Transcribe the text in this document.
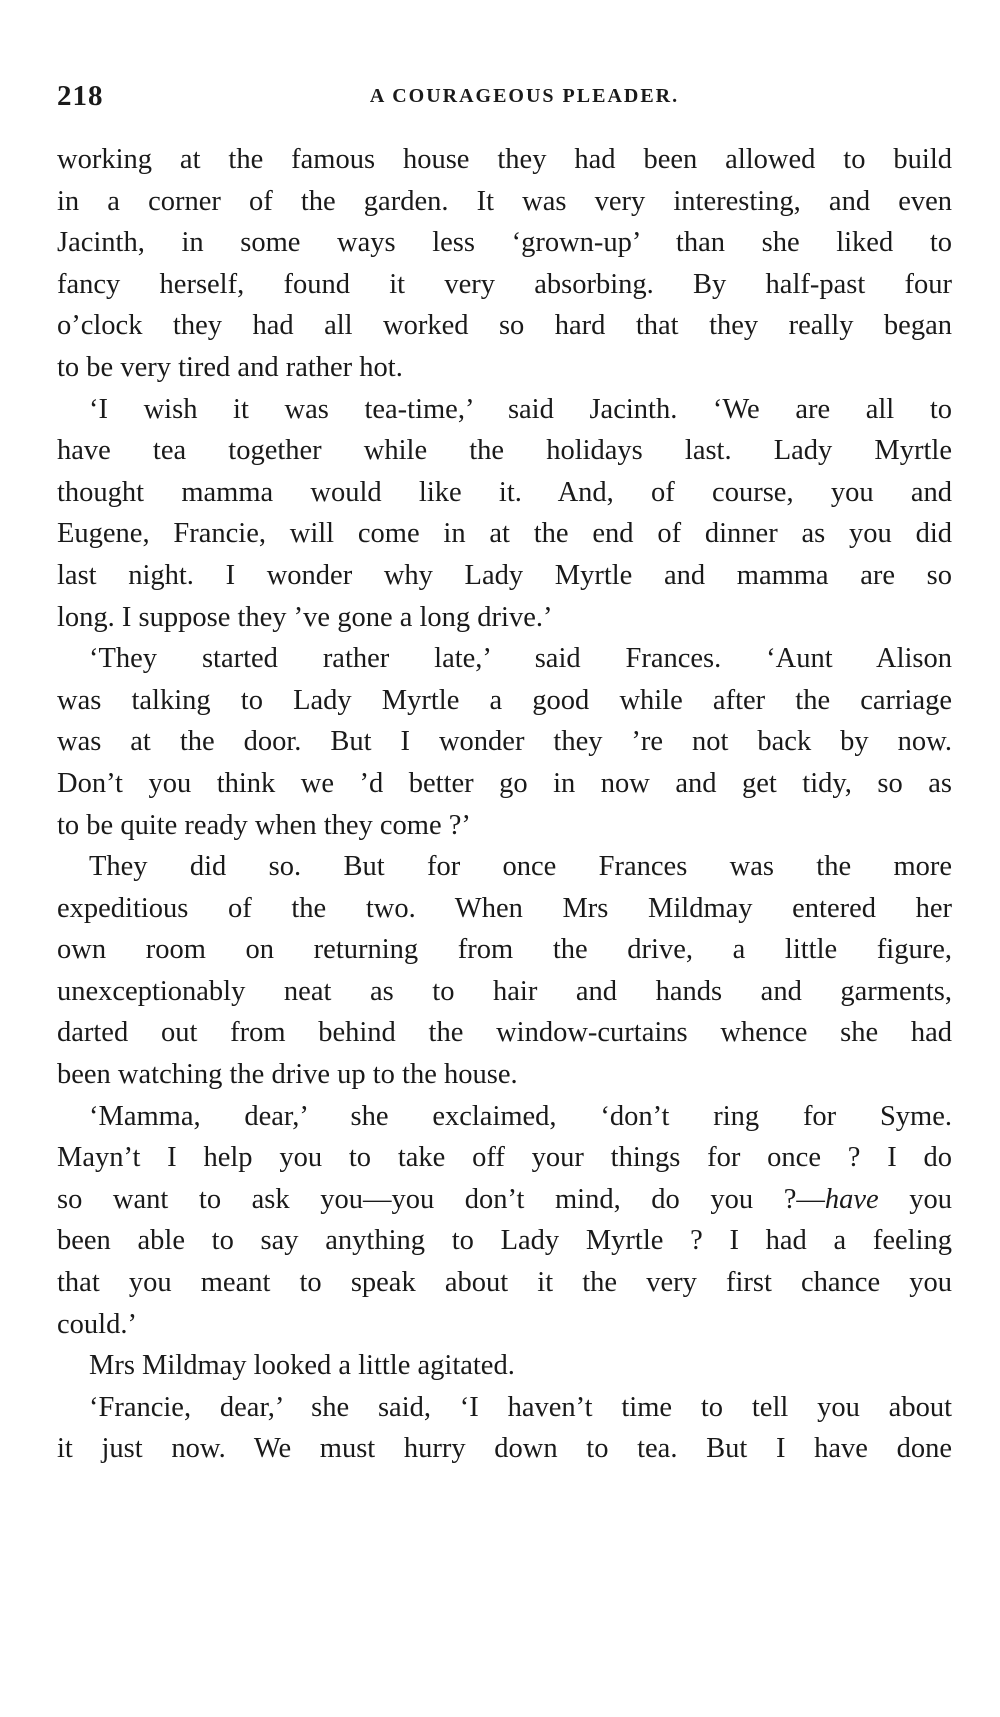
218	A COURAGEOUS PLEADER.
working at the famous house they had been allowed to build
in a corner of the garden. It was very interesting, and even
Jacinth, in some ways less ‘grown-up’ than she liked to
fancy herself, found it very absorbing. By half-past four
o’clock they had all worked so hard that they really began
to be very tired and rather hot.
‘I wish it was tea-time,’ said Jacinth. ‘We are all to
have tea together while the holidays last. Lady Myrtle
thought mamma would like it. And, of course, you and
Eugene, Francie, will come in at the end of dinner as you did
last night. I wonder why Lady Myrtle and mamma are so
long. I suppose they ’ve gone a long drive.’
‘They started rather late,’ said Frances. ‘Aunt Alison
was talking to Lady Myrtle a good while after the carriage
was at the door. But I wonder they ’re not back by now.
Don’t you think we ’d better go in now and get tidy, so as
to be quite ready when they come ?’
They did so. But for once Frances was the more
expeditious of the two. When Mrs Mildmay entered her
own room on returning from the drive, a little figure,
unexceptionably neat as to hair and hands and garments,
darted out from behind the window-curtains whence she had
been watching the drive up to the house.
‘Mamma, dear,’ she exclaimed, ‘don’t ring for Syme.
Mayn’t I help you to take off your things for once ? I do
so want to ask you—you don’t mind, do you ?—have you
been able to say anything to Lady Myrtle ? I had a feeling
that you meant to speak about it the very first chance you
could.’
Mrs Mildmay looked a little agitated.
‘Francie, dear,’ she said, ‘I haven’t time to tell you about
it just now. We must hurry down to tea. But I have done
